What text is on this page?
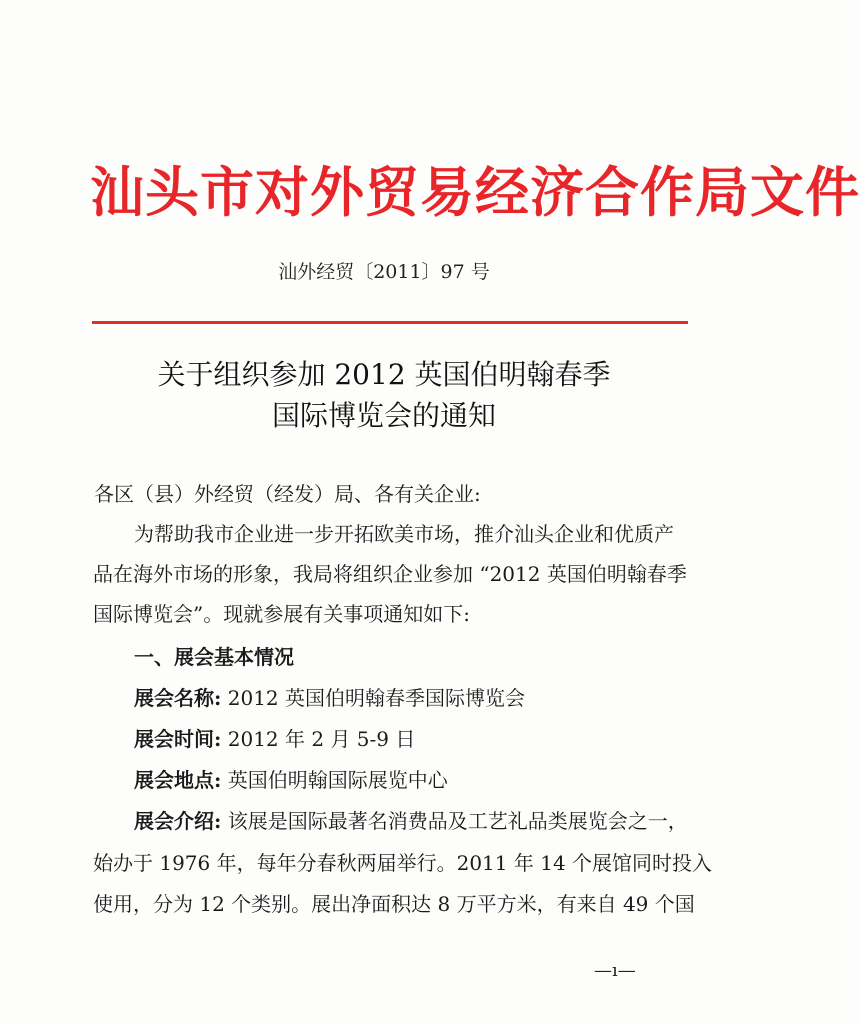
汕头市对外贸易经济合作局文件
汕外经贸〔2011〕97 号
关于组织参加 2012 英国伯明翰春季
国际博览会的通知
各区（县）外经贸（经发）局、各有关企业:
为帮助我市企业进一步开拓欧美市场，推介汕头企业和优质产
品在海外市场的形象，我局将组织企业参加 “2012 英国伯明翰春季
国际博览会”。现就参展有关事项通知如下:
一、展会基本情况
展会名称: 2012 英国伯明翰春季国际博览会
展会时间: 2012 年 2 月 5-9 日
展会地点: 英国伯明翰国际展览中心
展会介绍: 该展是国际最著名消费品及工艺礼品类展览会之一，
始办于 1976 年，每年分春秋两届举行。2011 年 14 个展馆同时投入
使用，分为 12 个类别。展出净面积达 8 万平方米，有来自 49 个国
—ı—
